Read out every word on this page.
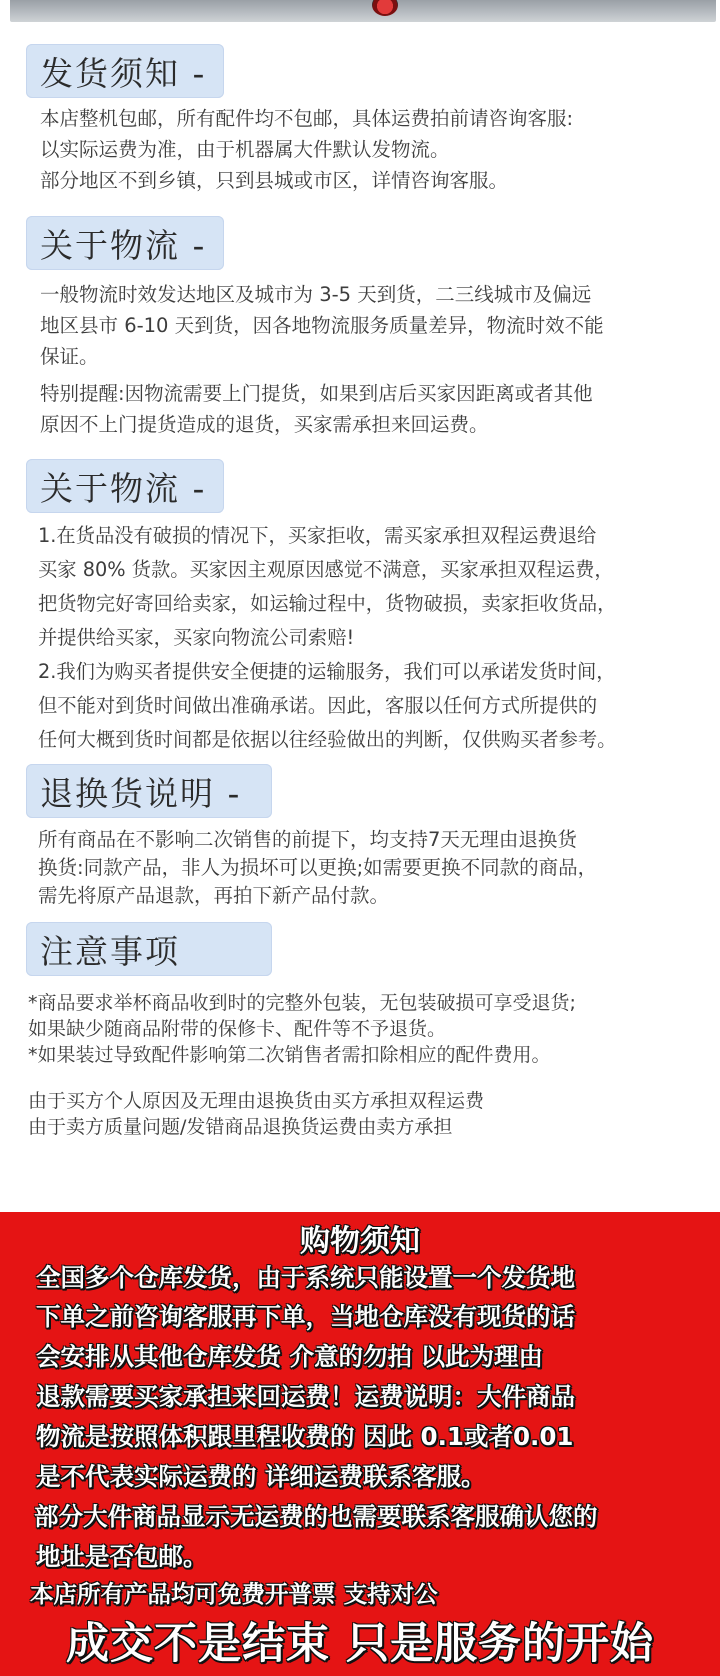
发货须知 -

本店整机包邮，所有配件均不包邮，具体运费拍前请咨询客服:

以实际运费为准，由于机器属大件默认发物流。

部分地区不到乡镇，只到县城或市区，详情咨询客服。

关于物流 -

一般物流时效发达地区及城市为 3-5 天到货，二三线城市及偏远

地区县市 6-10 天到货，因各地物流服务质量差异，物流时效不能

保证。

特别提醒:因物流需要上门提货，如果到店后买家因距离或者其他

原因不上门提货造成的退货，买家需承担来回运费。

关于物流 -

1.在货品没有破损的情况下，买家拒收，需买家承担双程运费退给

买家 80% 货款。买家因主观原因感觉不满意，买家承担双程运费，

把货物完好寄回给卖家，如运输过程中，货物破损，卖家拒收货品，

并提供给买家，买家向物流公司索赔!

2.我们为购买者提供安全便捷的运输服务，我们可以承诺发货时间，

但不能对到货时间做出准确承诺。因此，客服以任何方式所提供的

任何大概到货时间都是依据以往经验做出的判断，仅供购买者参考。

退换货说明 -

所有商品在不影响二次销售的前提下，均支持7天无理由退换货

换货:同款产品，非人为损坏可以更换;如需要更换不同款的商品，

需先将原产品退款，再拍下新产品付款。

注意事项

*商品要求举杯商品收到时的完整外包装，无包装破损可享受退货;

如果缺少随商品附带的保修卡、配件等不予退货。

*如果装过导致配件影响第二次销售者需扣除相应的配件费用。

由于买方个人原因及无理由退换货由买方承担双程运费

由于卖方质量问题/发错商品退换货运费由卖方承担

购物须知

全国多个仓库发货，由于系统只能设置一个发货地

下单之前咨询客服再下单，当地仓库没有现货的话

会安排从其他仓库发货 介意的勿拍 以此为理由

退款需要买家承担来回运费！运费说明：大件商品

物流是按照体积跟里程收费的 因此 0.1或者0.01

是不代表实际运费的 详细运费联系客服。

部分大件商品显示无运费的也需要联系客服确认您的

地址是否包邮。

本店所有产品均可免费开普票 支持对公

成交不是结束 只是服务的开始
